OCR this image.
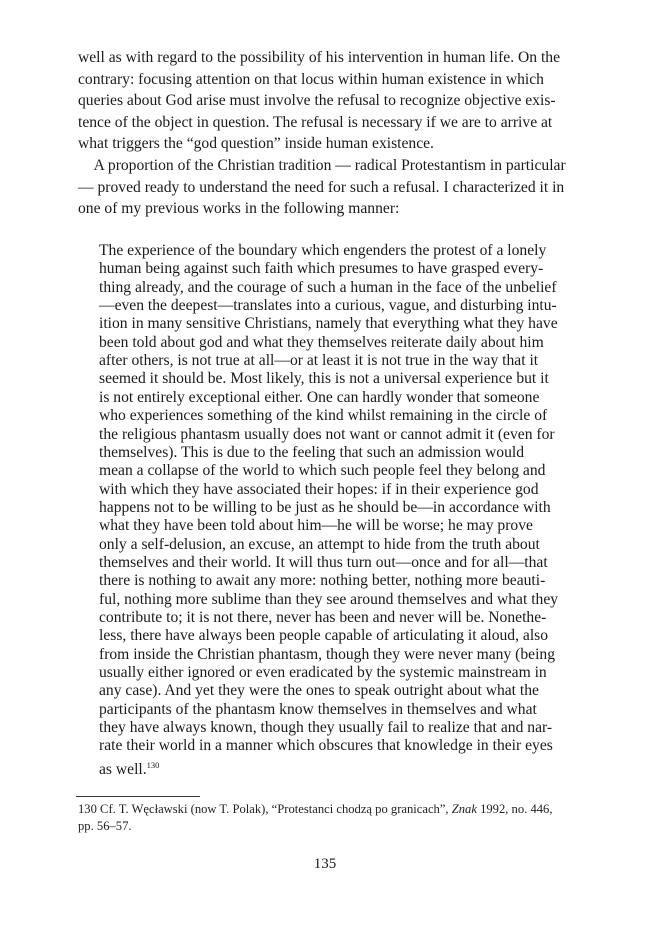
well as with regard to the possibility of his intervention in human life. On the
contrary: focusing attention on that locus within human existence in which
queries about God arise must involve the refusal to recognize objective exis-
tence of the object in question. The refusal is necessary if we are to arrive at
what triggers the “god question” inside human existence.
 A proportion of the Christian tradition — radical Protestantism in particular
— proved ready to understand the need for such a refusal. I characterized it in
one of my previous works in the following manner:
The experience of the boundary which engenders the protest of a lonely
human being against such faith which presumes to have grasped every-
thing already, and the courage of such a human in the face of the unbelief
—even the deepest—translates into a curious, vague, and disturbing intu-
ition in many sensitive Christians, namely that everything what they have
been told about god and what they themselves reiterate daily about him
after others, is not true at all—or at least it is not true in the way that it
seemed it should be. Most likely, this is not a universal experience but it
is not entirely exceptional either. One can hardly wonder that someone
who experiences something of the kind whilst remaining in the circle of
the religious phantasm usually does not want or cannot admit it (even for
themselves). This is due to the feeling that such an admission would
mean a collapse of the world to which such people feel they belong and
with which they have associated their hopes: if in their experience god
happens not to be willing to be just as he should be—in accordance with
what they have been told about him—he will be worse; he may prove
only a self-delusion, an excuse, an attempt to hide from the truth about
themselves and their world. It will thus turn out—once and for all—that
there is nothing to await any more: nothing better, nothing more beauti-
ful, nothing more sublime than they see around themselves and what they
contribute to; it is not there, never has been and never will be. Nonethe-
less, there have always been people capable of articulating it aloud, also
from inside the Christian phantasm, though they were never many (being
usually either ignored or even eradicated by the systemic mainstream in
any case). And yet they were the ones to speak outright about what the
participants of the phantasm know themselves in themselves and what
they have always known, though they usually fail to realize that and nar-
rate their world in a manner which obscures that knowledge in their eyes
as well.$^{130}$
130 Cf. T. Węcławski (now T. Polak), “Protestanci chodzą po granicach”, Znak 1992, no. 446,
pp. 56–57.
135
